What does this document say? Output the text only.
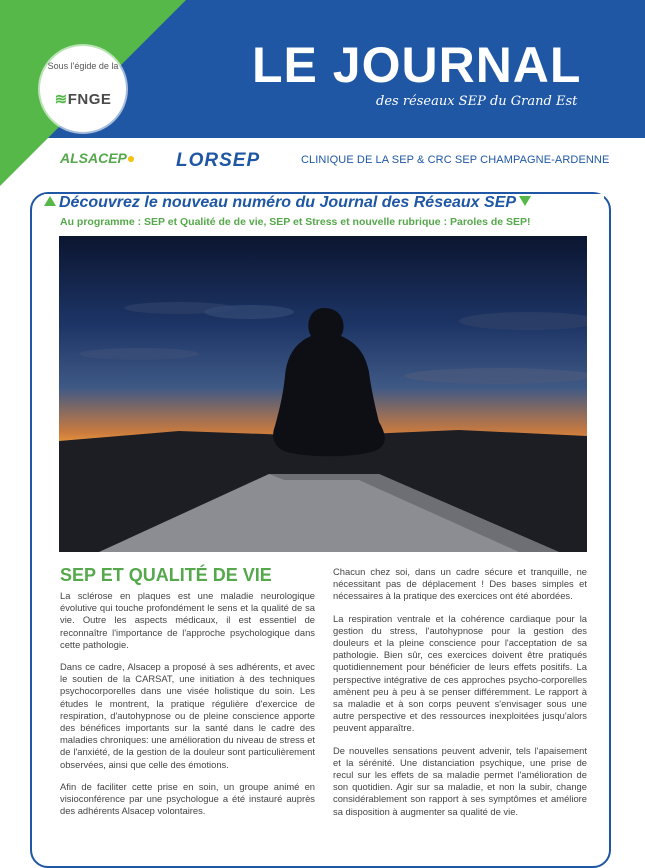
Sous l'égide de la
≋FNGE
LE JOURNAL
des réseaux SEP du Grand Est
ALSACEP● LORSEP	CLINIQUE DE LA SEP & CRC SEP CHAMPAGNE-ARDENNE
Découvrez le nouveau numéro du Journal des Réseaux SEP
Au programme : SEP et Qualité de de vie, SEP et Stress et nouvelle rubrique : Paroles de SEP!
SEP ET QUALITÉ DE VIE

La sclérose en plaques est une maladie neurologique évolutive qui touche profondément le sens et la qualité de sa vie. Outre les aspects médicaux, il est essentiel de reconnaître l'importance de l'approche psychologique dans cette pathologie.

Dans ce cadre, Alsacep a proposé à ses adhérents, et avec le soutien de la CARSAT, une initiation à des techniques psychocorporelles dans une visée holistique du soin. Les études le montrent, la pratique régulière d'exercice de respiration, d'autohypnose ou de pleine conscience apporte des bénéfices importants sur la santé dans le cadre des maladies chroniques: une amélioration du niveau de stress et de l'anxiété, de la gestion de la douleur sont particulièrement observées, ainsi que celle des émotions.

Afin de faciliter cette prise en soin, un groupe animé en visioconférence par une psychologue a été instauré auprès des adhérents Alsacep volontaires.

Chacun chez soi, dans un cadre sécure et tranquille, ne nécessitant pas de déplacement ! Des bases simples et nécessaires à la pratique des exercices ont été abordées.

La respiration ventrale et la cohérence cardiaque pour la gestion du stress, l'autohypnose pour la gestion des douleurs et la pleine conscience pour l'acceptation de sa pathologie. Bien sûr, ces exercices doivent être pratiqués quotidiennement pour bénéficier de leurs effets positifs. La perspective intégrative de ces approches psycho-corporelles amènent peu à peu à se penser différemment. Le rapport à sa maladie et à son corps peuvent s'envisager sous une autre perspective et des ressources inexploitées jusqu'alors peuvent apparaître.

De nouvelles sensations peuvent advenir, tels l'apaisement et la sérénité. Une distanciation psychique, une prise de recul sur les effets de sa maladie permet l'amélioration de son quotidien. Agir sur sa maladie, et non la subir, change considérablement son rapport à ses symptômes et améliore sa disposition à augmenter sa qualité de vie.
